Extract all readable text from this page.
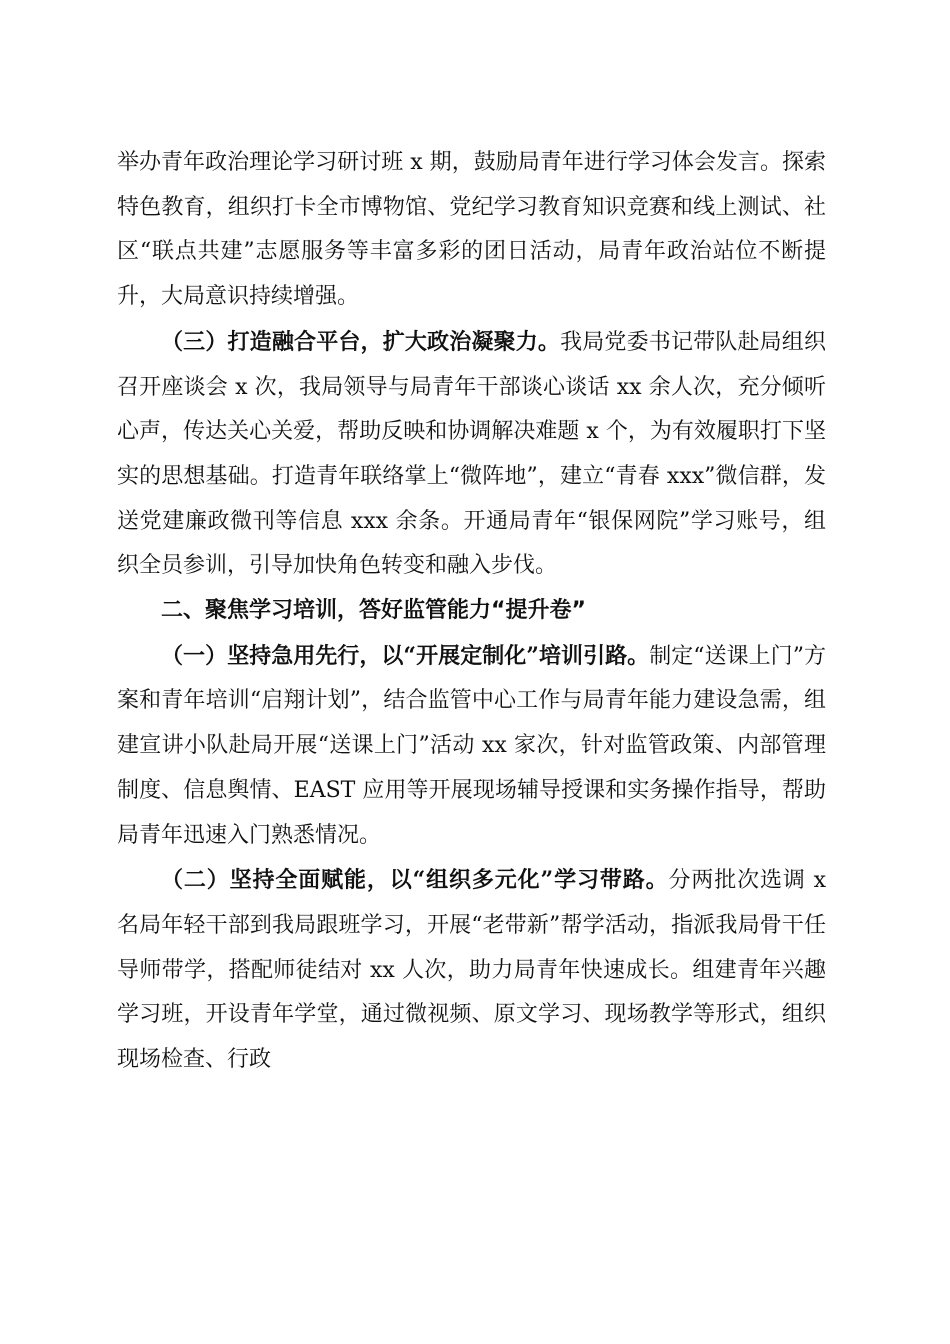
举办青年政治理论学习研讨班 x 期，鼓励局青年进行学习体会发言。探索特色教育，组织打卡全市博物馆、党纪学习教育知识竞赛和线上测试、社区“联点共建”志愿服务等丰富多彩的团日活动，局青年政治站位不断提升，大局意识持续增强。

（三）打造融合平台，扩大政治凝聚力。我局党委书记带队赴局组织召开座谈会 x 次，我局领导与局青年干部谈心谈话 xx 余人次，充分倾听心声，传达关心关爱，帮助反映和协调解决难题 x 个，为有效履职打下坚实的思想基础。打造青年联络掌上“微阵地”，建立“青春 xxx”微信群，发送党建廉政微刊等信息 xxx 余条。开通局青年“银保网院”学习账号，组织全员参训，引导加快角色转变和融入步伐。

二、聚焦学习培训，答好监管能力“提升卷”

（一）坚持急用先行，以“开展定制化”培训引路。制定“送课上门”方案和青年培训“启翔计划”，结合监管中心工作与局青年能力建设急需，组建宣讲小队赴局开展“送课上门”活动 xx 家次，针对监管政策、内部管理制度、信息舆情、EAST 应用等开展现场辅导授课和实务操作指导，帮助局青年迅速入门熟悉情况。

（二）坚持全面赋能，以“组织多元化”学习带路。分两批次选调 x 名局年轻干部到我局跟班学习，开展“老带新”帮学活动，指派我局骨干任导师带学，搭配师徒结对 xx 人次，助力局青年快速成长。组建青年兴趣学习班，开设青年学堂，通过微视频、原文学习、现场教学等形式，组织现场检查、行政
